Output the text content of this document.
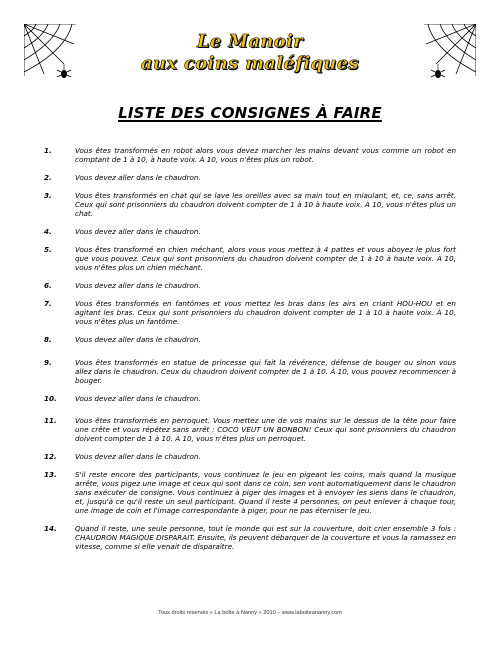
Le Manoir
aux coins maléfiques
LISTE DES CONSIGNES À FAIRE
1.	Vous êtes transformés en robot alors vous devez marcher les mains devant vous comme un robot en comptant de 1 à 10, à haute voix. À 10, vous n'êtes plus un robot.
2.	Vous devez aller dans le chaudron.
3.	Vous êtes transformés en chat qui se lave les oreilles avec sa main tout en miaulant, et, ce, sans arrêt. Ceux qui sont prisonniers du chaudron doivent compter de 1 à 10 à haute voix. À 10, vous n'êtes plus un chat.
4.	Vous devez aller dans le chaudron.
5.	Vous êtes transformé en chien méchant, alors vous vous mettez à 4 pattes et vous aboyez le plus fort que vous pouvez. Ceux qui sont prisonniers du chaudron doivent compter de 1 à 10 à haute voix. À 10, vous n'êtes plus un chien méchant.
6.	Vous devez aller dans le chaudron.
7.	Vous êtes transformés en fantômes et vous mettez les bras dans les airs en criant HOU-HOU et en agitant les bras. Ceux qui sont prisonniers du chaudron doivent compter de 1 à 10 à haute voix. À 10, vous n'êtes plus un fantôme.
8.	Vous devez aller dans le chaudron.
9.	Vous êtes transformés en statue de princesse qui fait la révérence, défense de bouger ou sinon vous allez dans le chaudron. Ceux du chaudron doivent compter de 1 à 10. À 10, vous pouvez recommencer à bouger.
10.	Vous devez aller dans le chaudron.
11.	Vous êtes transformés en perroquet. Vous mettez une de vos mains sur le dessus de la tête pour faire une crête et vous répétez sans arrêt : COCO VEUT UN BONBON! Ceux qui sont prisonniers du chaudron doivent compter de 1 à 10. À 10, vous n'êtes plus un perroquet.
12.	Vous devez aller dans le chaudron.
13.	S'il reste encore des participants, vous continuez le jeu en pigeant les coins, mais quand la musique arrête, vous pigez une image et ceux qui sont dans ce coin, sen vont automatiquement dans le chaudron sans exécuter de consigne. Vous continuez à piger des images et à envoyer les siens dans le chaudron, et, jusqu'à ce qu'il reste un seul participant. Quand il reste 4 personnes, on peut enlever à chaque tour, une image de coin et l'image correspondante à piger, pour ne pas éterniser le jeu.
14.	Quand il reste, une seule personne, tout le monde qui est sur la couverture, doit crier ensemble 3 fois : CHAUDRON MAGIQUE DISPARAIT. Ensuite, ils peuvent débarquer de la couverture et vous la ramassez en vitesse, comme si elle venait de disparaître.
Tous droits réservés « La boîte à Nanny » 2010 – www.laboiteananny.com
